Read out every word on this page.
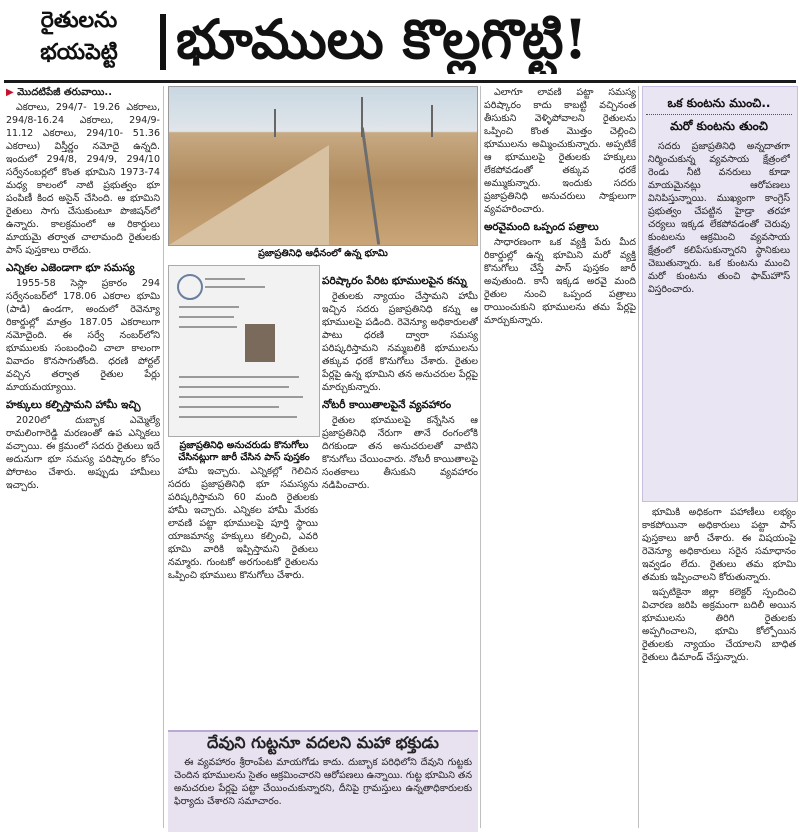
రైతులను
భయపెట్టి	భూములు కొల్లగొట్టి!
▶ మొదటిపేజీ తరువాయి..

ఎకరాలు, 294/7- 19.26 ఎకరాలు, 294/8-16.24 ఎకరాలు, 294/9-11.12 ఎకరాలు, 294/10- 51.36 ఎకరాలు) విస్తీర్ణం నమోదై ఉన్నది. ఇందులో 294/8, 294/9, 294/10 సర్వేనంబర్లలో కొంత భూమిని 1973-74 మధ్య కాలంలో నాటి ప్రభుత్వం భూ పంపిణీ కింద అసైన్‌ చేసింది. ఆ భూమిని రైతులు సాగు చేసుకుంటూ పొజిషన్‌లో ఉన్నారు. కాలక్రమంలో ఆ రికార్డులు మాయమై తర్వాత చాలామంది రైతులకు పాస్‌ పుస్తకాలు రాలేదు.

ఎన్నికల ఎజెండాగా భూ సమస్య

1955-58 సెస్లా ప్రకారం 294 సర్వేనంబర్‌లో 178.06 ఎకరాల భూమి (పాడి) ఉండగా, అందులో రెవెన్యూ రికార్డుల్లో మాత్రం 187.05 ఎకరాలుగా నమోదైంది. ఈ సర్వే నంబర్‌లోని భూములకు సంబంధించి చాలా కాలంగా వివాదం కొనసాగుతోంది. ధరణి పోర్టల్‌ వచ్చిన తర్వాత రైతుల పేర్లు మాయమయ్యాయి.

హక్కులు కల్పిస్తామని హామీ ఇచ్చి

2020లో దుబ్బాక ఎమ్మెల్యే రామలింగారెడ్డి మరణంతో ఉప ఎన్నికలు వచ్చాయి. ఈ క్రమంలో సదరు రైతులు ఇదే అదునుగా భూ సమస్య పరిష్కారం కోసం పోరాటం చేశారు. అప్పుడు హామీలు ఇచ్చారు.

ప్రజాప్రతినిధి ఆధీనంలో ఉన్న భూమి
ప్రజాప్రతినిధి అనుచరుడు కొనుగోలు చేసినట్లుగా జారీ చేసిన పాస్‌ పుస్తకం
పరిష్కారం పేరిట భూములపైన కన్ను

రైతులకు న్యాయం చేస్తామని హామీ ఇచ్చిన సదరు ప్రజాప్రతినిధి కన్ను ఆ భూములపై పడింది. రెవెన్యూ అధికారులతో పాటు ధరణి ద్వారా సమస్య పరిష్కరిస్తామని నమ్మబలికి భూములను తక్కువ ధరకే కొనుగోలు చేశారు. రైతుల పేర్లపై ఉన్న భూమిని తన అనుచరుల పేర్లపై మార్చుకున్నారు.

నోటరీ కాయితాలపైనే వ్యవహారం

రైతుల భూములపై కన్నేసిన ఆ ప్రజాప్రతినిధి నేరుగా తానే రంగంలోకి దిగకుండా తన అనుచరులతో వాటిని కొనుగోలు చేయించారు. నోటరీ కాయితాలపై సంతకాలు తీసుకుని వ్యవహారం నడిపించారు.

హామీ ఇచ్చారు. ఎన్నికల్లో గెలిచిన సదరు ప్రజాప్రతినిధి భూ సమస్యను పరిష్కరిస్తామని 60 మంది రైతులకు హామీ ఇచ్చారు. ఎన్నికల హామీ మేరకు లావణి పట్టా భూములపై పూర్తి స్థాయి యాజమాన్య హక్కులు కల్పించి, ఎవరి భూమి వారికి ఇప్పిస్తామని రైతులు నమ్మారు. గుంటకో అరగుంటకో రైతులను ఒప్పించి భూములు కొనుగోలు చేశారు.

దేవుని గుట్టనూ వదలని మహా భక్తుడు

ఈ వ్యవహారం శ్రీరాంపేట మాయగోడు కాదు. దుబ్బాక పరిధిలోని దేవుని గుట్టకు చెందిన భూములను సైతం ఆక్రమించారని ఆరోపణలు ఉన్నాయి. గుట్ట భూమిని తన అనుచరుల పేర్లపై పట్టా చేయించుకున్నారని, దీనిపై గ్రామస్తులు ఉన్నతాధికారులకు ఫిర్యాదు చేశారని సమాచారం.

ఎలాగూ లావణి పట్టా సమస్య పరిష్కారం కాదు కాబట్టి వచ్చినంత తీసుకుని వెళ్ళిపోవాలని రైతులను ఒప్పించి కొంత మొత్తం చెల్లించి భూములను అమ్మించుకున్నారు. అప్పటికే ఆ భూములపై రైతులకు హక్కులు లేకపోవడంతో తక్కువ ధరకే అమ్ముకున్నారు. ఇందుకు సదరు ప్రజాప్రతినిధి అనుచరులు సాక్షులుగా వ్యవహరించారు.

అరవైమంది ఒప్పంద పత్రాలు

సాధారణంగా ఒక వ్యక్తి పేరు మీద రికార్డుల్లో ఉన్న భూమిని మరో వ్యక్తి కొనుగోలు చేస్తే పాస్‌ పుస్తకం జారీ అవుతుంది. కానీ ఇక్కడ అరవై మంది రైతుల నుంచి ఒప్పంద పత్రాలు రాయించుకుని భూములను తమ పేర్లపై మార్చుకున్నారు.

ఒక కుంటను ముంచి..
మరో కుంటను తుంచి

సదరు ప్రజాప్రతినిధి అన్నదాతగా నిర్మించుకున్న వ్యవసాయ క్షేత్రంలో రెండు నీటి వనరులు కూడా మాయమైనట్లు ఆరోపణలు వినిపిస్తున్నాయి. ముఖ్యంగా కాంగ్రెస్‌ ప్రభుత్వం చేపట్టిన హైడ్రా తరహా చర్యలు ఇక్కడ లేకపోవడంతో చెరువు కుంటలను ఆక్రమించి వ్యవసాయ క్షేత్రంలో కలిపేసుకున్నారని స్థానికులు చెబుతున్నారు. ఒక కుంటను ముంచి మరో కుంటను తుంచి ఫామ్‌హౌస్‌ విస్తరించారు.

భూమికి అధికంగా పహాణీలు లభ్యం కాకపోయినా అధికారులు పట్టా పాస్‌ పుస్తకాలు జారీ చేశారు. ఈ విషయంపై రెవెన్యూ అధికారులు సరైన సమాధానం ఇవ్వడం లేదు. రైతులు తమ భూమి తమకు ఇప్పించాలని కోరుతున్నారు.

ఇప్పటికైనా జిల్లా కలెక్టర్‌ స్పందించి విచారణ జరిపి అక్రమంగా బదిలీ అయిన భూములను తిరిగి రైతులకు అప్పగించాలని, భూమి కోల్పోయిన రైతులకు న్యాయం చేయాలని బాధిత రైతులు డిమాండ్‌ చేస్తున్నారు.
